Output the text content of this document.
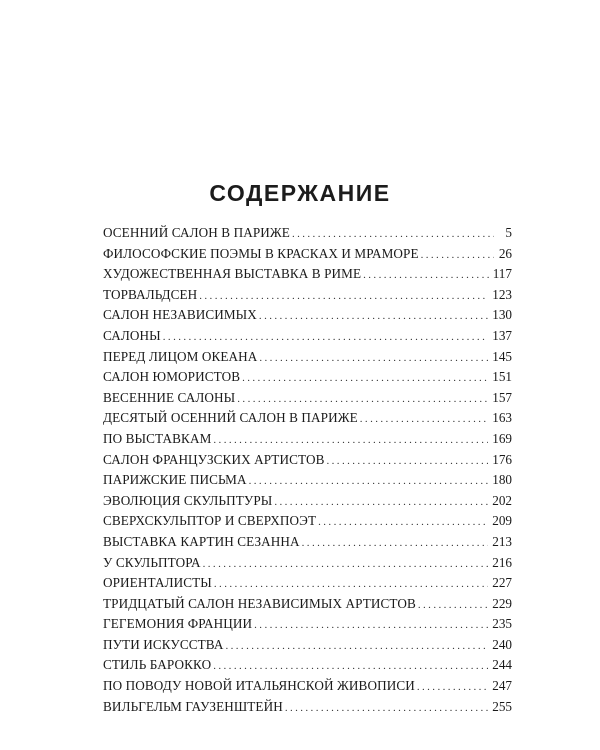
СОДЕРЖАНИЕ
ОСЕННИЙ САЛОН В ПАРИЖЕ .....	5
ФИЛОСОФСКИЕ ПОЭМЫ В КРАСКАХ И МРАМОРЕ .....	26
ХУДОЖЕСТВЕННАЯ ВЫСТАВКА В РИМЕ .....	117
ТОРВАЛЬДСЕН .....	123
САЛОН НЕЗАВИСИМЫХ .....	130
САЛОНЫ .....	137
ПЕРЕД ЛИЦОМ ОКЕАНА .....	145
САЛОН ЮМОРИСТОВ .....	151
ВЕСЕННИЕ САЛОНЫ .....	157
ДЕСЯТЫЙ ОСЕННИЙ САЛОН В ПАРИЖЕ .....	163
ПО ВЫСТАВКАМ .....	169
САЛОН ФРАНЦУЗСКИХ АРТИСТОВ .....	176
ПАРИЖСКИЕ ПИСЬМА .....	180
ЭВОЛЮЦИЯ СКУЛЬПТУРЫ .....	202
СВЕРХСКУЛЬПТОР И СВЕРХПОЭТ .....	209
ВЫСТАВКА КАРТИН СЕЗАННА .....	213
У СКУЛЬПТОРА .....	216
ОРИЕНТАЛИСТЫ .....	227
ТРИДЦАТЫЙ САЛОН НЕЗАВИСИМЫХ АРТИСТОВ .....	229
ГЕГЕМОНИЯ ФРАНЦИИ .....	235
ПУТИ ИСКУССТВА .....	240
СТИЛЬ БАРОККО .....	244
ПО ПОВОДУ НОВОЙ ИТАЛЬЯНСКОЙ ЖИВОПИСИ .....	247
ВИЛЬГЕЛЬМ ГАУЗЕНШТЕЙН .....	255
